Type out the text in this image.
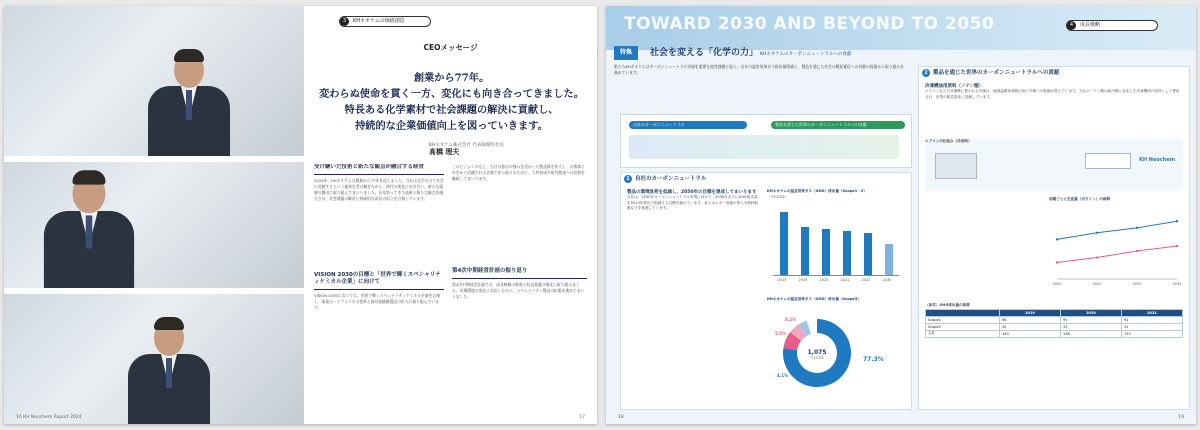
3	KHネオケムの価値創造
CEOメッセージ
創業から77年。
変わらぬ使命を貫く一方、変化にも向き合ってきました。
特長ある化学素材で社会課題の解決に貢献し、
持続的な企業価値向上を図っていきます。
KHネオケム株式会社 代表取締役社長
髙橋 理夫
受け継いだ技術と新たな観点が融合する経営
2024年、KHネオケムは創業から77年を迎えました。当社は化学の力で社会に貢献するという使命を受け継ぎながら、時代の変化に向き合い、新たな価値の創出に取り組んでまいりました。長年培ってきた技術と新たな観点を融合させ、社会課題の解決と持続的な成長の両立を目指しています。
VISION 2030の目標と「世界で輝くスペシャリティケミカル企業」に向けて
VISION 2030においては、世界で輝くスペシャリティケミカル企業を目指し、事業ポートフォリオの変革と高付加価値製品の拡大に取り組んでいます。
このビジョンのもと、当社は独自の強みを活かした製品群を拡大し、お客様と社会から信頼される企業であり続けるために、人材育成や研究開発への投資を継続してまいります。
第4次中期経営計画の振り返り
第4次中期経営計画では、成長戦略の推進と収益基盤の強化に取り組みました。市場環境の変化に対応しながら、スペシャリティ製品の拡販を進めてまいりました。
16 KH Neochem Report 2024	17
TOWARD 2030 AND BEYOND TO 2050	4	成長戦略
特集	社会を変える「化学の力」 KHネオケムのカーボンニュートラルへの貢献
私たちKHネオケムはカーボンニュートラル実現を重要な経営課題と捉え、自社の温室効果ガス排出量削減と、製品を通じた社会の脱炭素化への貢献の両面から取り組みを進めています。
自社のカーボンニュートラル	製品を通じた世界のカーボンニュートラルへの貢献
1 自社のカーボンニュートラル
製品の環境負荷を低減し、2050年の目標を達成してまいります
当社は、2050年カーボンニュートラル実現に向けて、2030年までにGHG排出量を2013年度比で削減する目標を掲げています。省エネルギー設備の導入や燃料転換などを推進しています。
KHネオケムの温室効果ガス（GHG）排出量（Scope1・2）
（千t-CO2）
2013	2019	2020	2021	2022	2030
KHネオケムの温室効果ガス（GHG）排出量（Scope3）
77.3%
8.2%
5.5%
4.1%
1,075
千t-CO2
2 製品を通じた世界のカーボンニュートラルへの貢献
冷凍機油用原料（ノナン酸）
エアコンなどの冷凍機に使われる冷媒は、地球温暖化係数の低い冷媒への転換が進んでいます。当社のノナン酸は新冷媒に対応した冷凍機油の原料として使用され、世界の脱炭素化に貢献しています。
エアコンの仕組み（冷房時）
KH Neochem
同期ごとに生産量（百万トン）の推移
2020	2025	2030	2035
〈参考〉GHG排出量の推移
	2019	2020	2021
Scope1	98	95	92
Scope2	45	43	41
合計	143	138	133
18	19
